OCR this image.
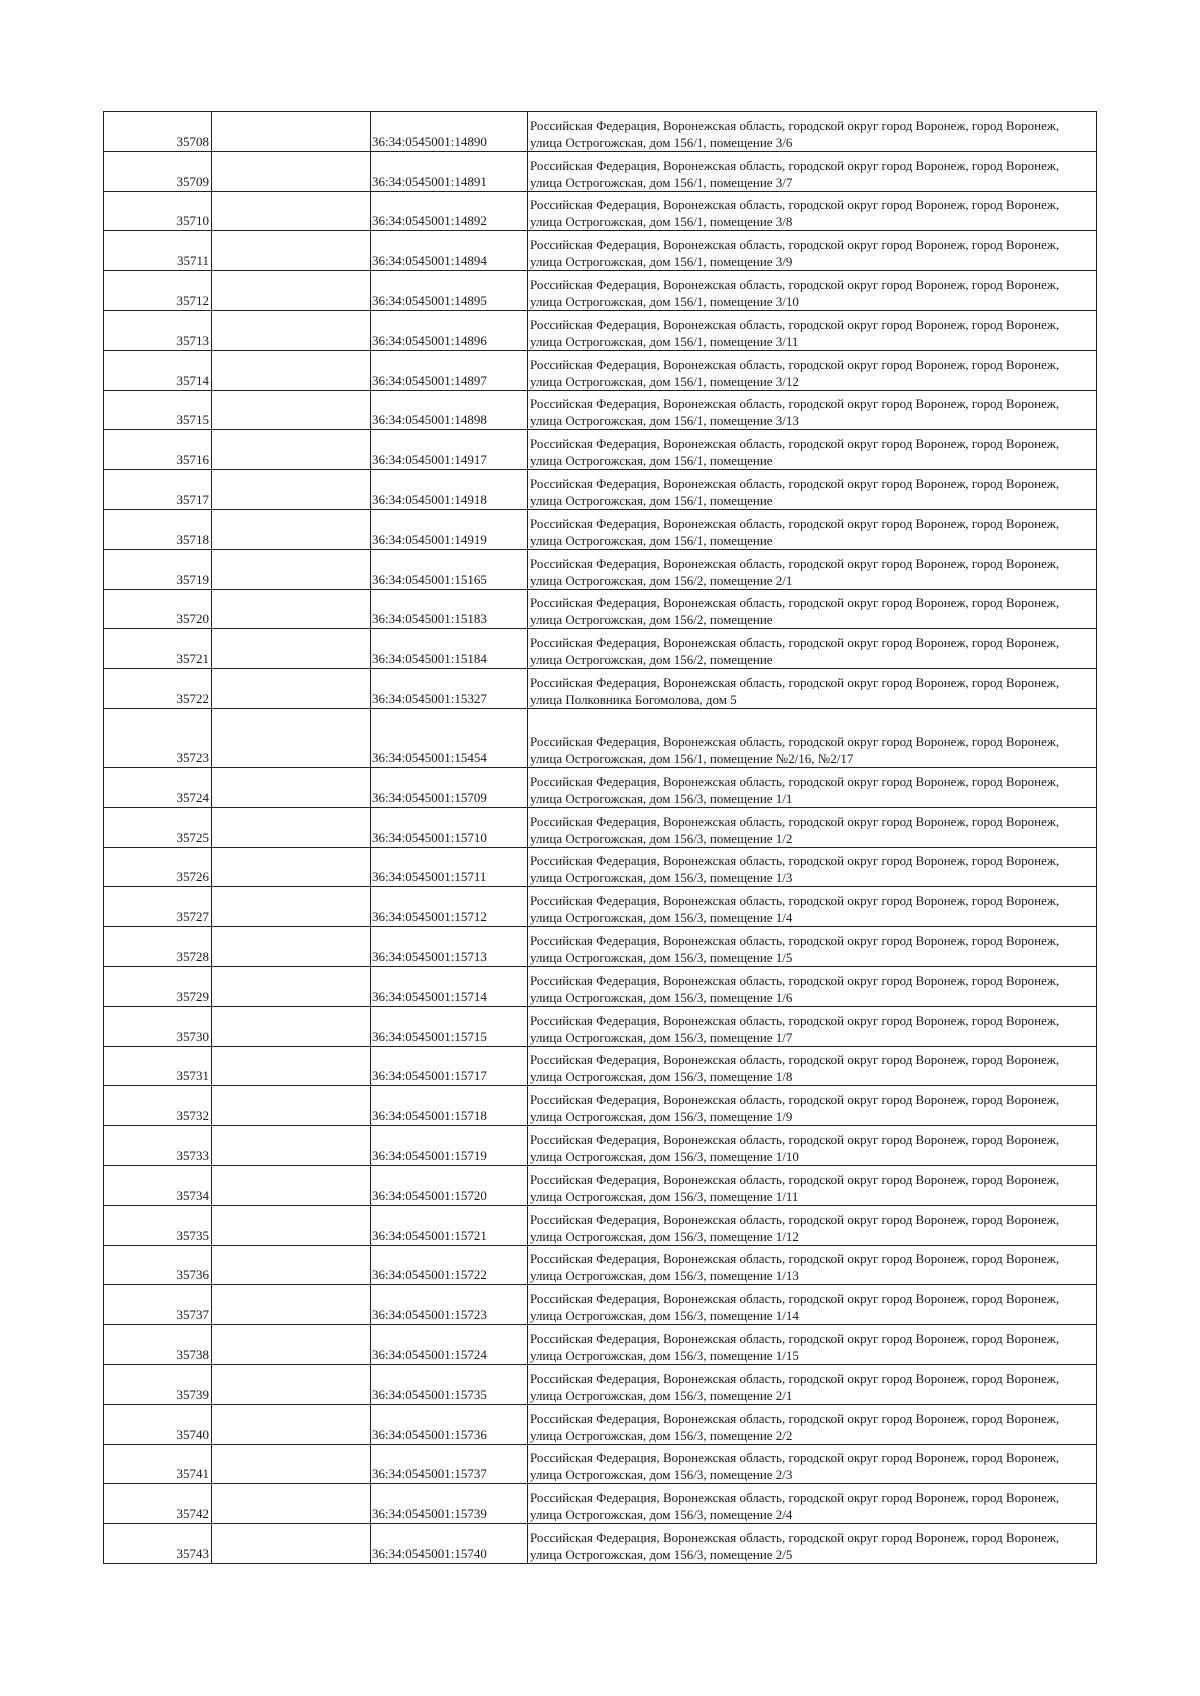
35708		36:34:0545001:14890	Российская Федерация, Воронежская область, городской округ город Воронеж, город Воронеж, улица Острогожская, дом 156/1, помещение 3/6

35709		36:34:0545001:14891	Российская Федерация, Воронежская область, городской округ город Воронеж, город Воронеж, улица Острогожская, дом 156/1, помещение 3/7

35710		36:34:0545001:14892	Российская Федерация, Воронежская область, городской округ город Воронеж, город Воронеж, улица Острогожская, дом 156/1, помещение 3/8

35711		36:34:0545001:14894	Российская Федерация, Воронежская область, городской округ город Воронеж, город Воронеж, улица Острогожская, дом 156/1, помещение 3/9

35712		36:34:0545001:14895	Российская Федерация, Воронежская область, городской округ город Воронеж, город Воронеж, улица Острогожская, дом 156/1, помещение 3/10

35713		36:34:0545001:14896	Российская Федерация, Воронежская область, городской округ город Воронеж, город Воронеж, улица Острогожская, дом 156/1, помещение 3/11

35714		36:34:0545001:14897	Российская Федерация, Воронежская область, городской округ город Воронеж, город Воронеж, улица Острогожская, дом 156/1, помещение 3/12

35715		36:34:0545001:14898	Российская Федерация, Воронежская область, городской округ город Воронеж, город Воронеж, улица Острогожская, дом 156/1, помещение 3/13

35716		36:34:0545001:14917	Российская Федерация, Воронежская область, городской округ город Воронеж, город Воронеж, улица Острогожская, дом 156/1, помещение

35717		36:34:0545001:14918	Российская Федерация, Воронежская область, городской округ город Воронеж, город Воронеж, улица Острогожская, дом 156/1, помещение

35718		36:34:0545001:14919	Российская Федерация, Воронежская область, городской округ город Воронеж, город Воронеж, улица Острогожская, дом 156/1, помещение

35719		36:34:0545001:15165	Российская Федерация, Воронежская область, городской округ город Воронеж, город Воронеж, улица Острогожская, дом 156/2, помещение 2/1

35720		36:34:0545001:15183	Российская Федерация, Воронежская область, городской округ город Воронеж, город Воронеж, улица Острогожская, дом 156/2, помещение

35721		36:34:0545001:15184	Российская Федерация, Воронежская область, городской округ город Воронеж, город Воронеж, улица Острогожская, дом 156/2, помещение

35722		36:34:0545001:15327	Российская Федерация, Воронежская область, городской округ город Воронеж, город Воронеж, улица Полковника Богомолова, дом 5

35723		36:34:0545001:15454	Российская Федерация, Воронежская область, городской округ город Воронеж, город Воронеж, улица Острогожская, дом 156/1, помещение №2/16, №2/17

35724		36:34:0545001:15709	Российская Федерация, Воронежская область, городской округ город Воронеж, город Воронеж, улица Острогожская, дом 156/3, помещение 1/1

35725		36:34:0545001:15710	Российская Федерация, Воронежская область, городской округ город Воронеж, город Воронеж, улица Острогожская, дом 156/3, помещение 1/2

35726		36:34:0545001:15711	Российская Федерация, Воронежская область, городской округ город Воронеж, город Воронеж, улица Острогожская, дом 156/3, помещение 1/3

35727		36:34:0545001:15712	Российская Федерация, Воронежская область, городской округ город Воронеж, город Воронеж, улица Острогожская, дом 156/3, помещение 1/4

35728		36:34:0545001:15713	Российская Федерация, Воронежская область, городской округ город Воронеж, город Воронеж, улица Острогожская, дом 156/3, помещение 1/5

35729		36:34:0545001:15714	Российская Федерация, Воронежская область, городской округ город Воронеж, город Воронеж, улица Острогожская, дом 156/3, помещение 1/6

35730		36:34:0545001:15715	Российская Федерация, Воронежская область, городской округ город Воронеж, город Воронеж, улица Острогожская, дом 156/3, помещение 1/7

35731		36:34:0545001:15717	Российская Федерация, Воронежская область, городской округ город Воронеж, город Воронеж, улица Острогожская, дом 156/3, помещение 1/8

35732		36:34:0545001:15718	Российская Федерация, Воронежская область, городской округ город Воронеж, город Воронеж, улица Острогожская, дом 156/3, помещение 1/9

35733		36:34:0545001:15719	Российская Федерация, Воронежская область, городской округ город Воронеж, город Воронеж, улица Острогожская, дом 156/3, помещение 1/10

35734		36:34:0545001:15720	Российская Федерация, Воронежская область, городской округ город Воронеж, город Воронеж, улица Острогожская, дом 156/3, помещение 1/11

35735		36:34:0545001:15721	Российская Федерация, Воронежская область, городской округ город Воронеж, город Воронеж, улица Острогожская, дом 156/3, помещение 1/12

35736		36:34:0545001:15722	Российская Федерация, Воронежская область, городской округ город Воронеж, город Воронеж, улица Острогожская, дом 156/3, помещение 1/13

35737		36:34:0545001:15723	Российская Федерация, Воронежская область, городской округ город Воронеж, город Воронеж, улица Острогожская, дом 156/3, помещение 1/14

35738		36:34:0545001:15724	Российская Федерация, Воронежская область, городской округ город Воронеж, город Воронеж, улица Острогожская, дом 156/3, помещение 1/15

35739		36:34:0545001:15735	Российская Федерация, Воронежская область, городской округ город Воронеж, город Воронеж, улица Острогожская, дом 156/3, помещение 2/1

35740		36:34:0545001:15736	Российская Федерация, Воронежская область, городской округ город Воронеж, город Воронеж, улица Острогожская, дом 156/3, помещение 2/2

35741		36:34:0545001:15737	Российская Федерация, Воронежская область, городской округ город Воронеж, город Воронеж, улица Острогожская, дом 156/3, помещение 2/3

35742		36:34:0545001:15739	Российская Федерация, Воронежская область, городской округ город Воронеж, город Воронеж, улица Острогожская, дом 156/3, помещение 2/4

35743		36:34:0545001:15740	Российская Федерация, Воронежская область, городской округ город Воронеж, город Воронеж, улица Острогожская, дом 156/3, помещение 2/5
